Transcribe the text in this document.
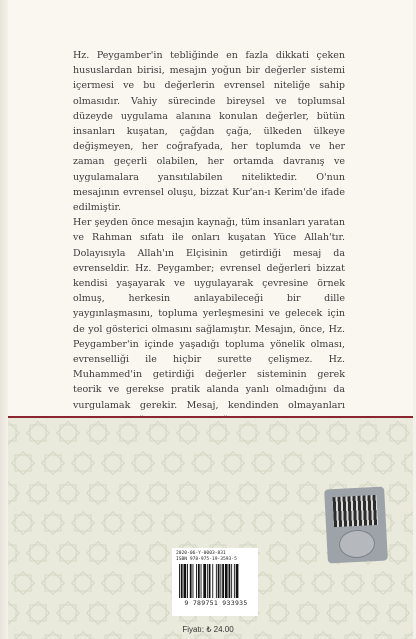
Hz. Peygamber'in tebliğinde en fazla dikkati çeken hususlardan birisi, mesajın yoğun bir değerler sistemi içermesi ve bu değerlerin evrensel niteliğe sahip olmasıdır. Vahiy sürecinde bireysel ve toplumsal düzeyde uygulama alanına konulan değerler, bütün insanları kuşatan, çağdan çağa, ülkeden ülkeye değişmeyen, her coğrafyada, her toplumda ve her zaman geçerli olabilen, her ortamda davranış ve uygulamalara yansıtılabilen niteliktedir. O'nun mesajının evrensel oluşu, bizzat Kur'an-ı Kerim'de ifade edilmiştir.

Her şeyden önce mesajın kaynağı, tüm insanları yaratan ve Rahman sıfatı ile onları kuşatan Yüce Allah'tır. Dolayısıyla Allah'ın Elçisinin getirdiği mesaj da evrenseldir. Hz. Peygamber; evrensel değerleri bizzat kendisi yaşayarak ve uygulayarak çevresine örnek olmuş, herkesin anlayabileceği bir dille yaygınlaşmasını, topluma yerleşmesini ve gelecek için de yol gösterici olmasını sağlamıştır. Mesajın, önce, Hz. Peygamber'in içinde yaşadığı topluma yönelik olması, evrenselliği ile hiçbir surette çelişmez. Hz. Muhammed'in getirdiği değerler sisteminin gerek teorik ve gerekse pratik alanda yanlı olmadığını da vurgulamak gerekir. Mesaj, kendinden olmayanları

2020-06-Y-0003-831
ISBN 978-975-19-3593-5
9 789751 933935
Fiyatı: ₺ 24.00
